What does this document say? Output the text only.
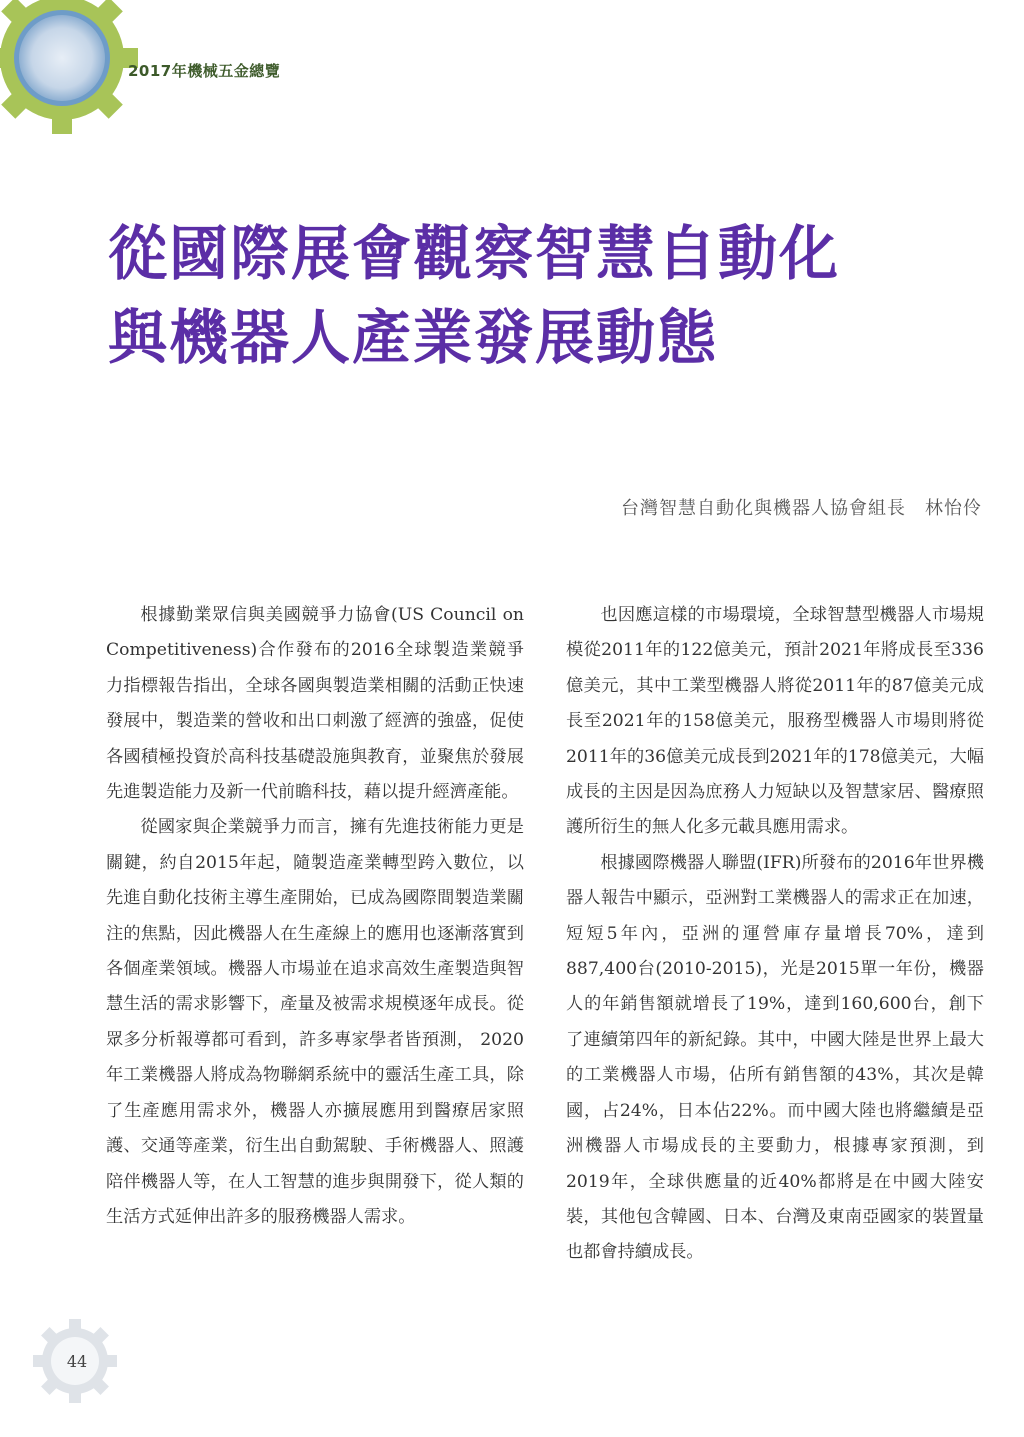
2017年機械五金總覽
從國際展會觀察智慧自動化
與機器人產業發展動態
台灣智慧自動化與機器人協會組長　林怡伶

根據勤業眾信與美國競爭力協會(US Council on Competitiveness)合作發布的2016全球製造業競爭力指標報告指出，全球各國與製造業相關的活動正快速發展中，製造業的營收和出口刺激了經濟的強盛，促使各國積極投資於高科技基礎設施與教育，並聚焦於發展先進製造能力及新一代前瞻科技，藉以提升經濟產能。

從國家與企業競爭力而言，擁有先進技術能力更是關鍵，約自2015年起，隨製造產業轉型跨入數位，以先進自動化技術主導生產開始，已成為國際間製造業關注的焦點，因此機器人在生產線上的應用也逐漸落實到各個產業領域。機器人市場並在追求高效生產製造與智慧生活的需求影響下，產量及被需求規模逐年成長。從眾多分析報導都可看到，許多專家學者皆預測， 2020年工業機器人將成為物聯網系統中的靈活生產工具，除了生產應用需求外，機器人亦擴展應用到醫療居家照護、交通等產業，衍生出自動駕駛、手術機器人、照護陪伴機器人等，在人工智慧的進步與開發下，從人類的生活方式延伸出許多的服務機器人需求。

也因應這樣的市場環境，全球智慧型機器人市場規模從2011年的122億美元，預計2021年將成長至336億美元，其中工業型機器人將從2011年的87億美元成長至2021年的158億美元，服務型機器人市場則將從2011年的36億美元成長到2021年的178億美元，大幅成長的主因是因為庶務人力短缺以及智慧家居、醫療照護所衍生的無人化多元載具應用需求。

根據國際機器人聯盟(IFR)所發布的2016年世界機器人報告中顯示，亞洲對工業機器人的需求正在加速，短短5年內，亞洲的運營庫存量增長70%，達到887,400台(2010-2015)，光是2015單一年份，機器人的年銷售額就增長了19%，達到160,600台，創下了連續第四年的新紀錄。其中，中國大陸是世界上最大的工業機器人市場，佔所有銷售額的43%，其次是韓國，占24%，日本佔22%。而中國大陸也將繼續是亞洲機器人市場成長的主要動力，根據專家預測，到2019年，全球供應量的近40%都將是在中國大陸安裝，其他包含韓國、日本、台灣及東南亞國家的裝置量也都會持續成長。

44
